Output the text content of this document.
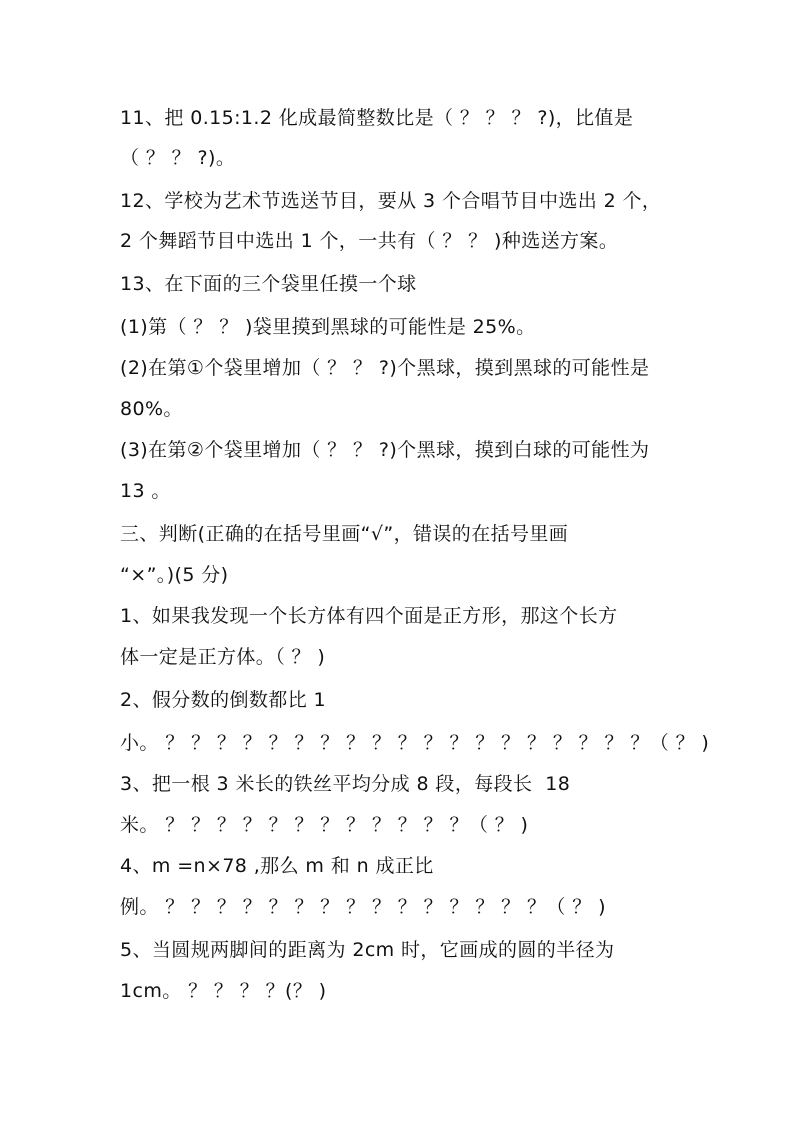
11、把 0.15:1.2 化成最简整数比是（ ？ ？ ？ ?)，比值是
（ ？ ？ ?)。
12、学校为艺术节选送节目，要从 3 个合唱节目中选出 2 个，
2 个舞蹈节目中选出 1 个，一共有（ ？ ？ )种选送方案。
13、在下面的三个袋里任摸一个球
(1)第（ ？ ？ )袋里摸到黑球的可能性是 25%。
(2)在第①个袋里增加（ ？ ？ ?)个黑球，摸到黑球的可能性是
80%。
(3)在第②个袋里增加（ ？ ？ ?)个黑球，摸到白球的可能性为
13 。
三、判断(正确的在括号里画“√”，错误的在括号里画
“×”。)(5 分)
1、如果我发现一个长方体有四个面是正方形，那这个长方
体一定是正方体。（ ？ )
2、假分数的倒数都比 1
小。 ？ ？ ？ ？ ？ ？ ？ ？ ？ ？ ？ ？ ？ ？ ？ ？ ？ ？ ？（ ？ )
3、把一根 3 米长的铁丝平均分成 8 段，每段长  18
米。 ？ ？ ？ ？ ？ ？ ？ ？ ？ ？ ？ ？（ ？ )
4、m =n×78 ,那么 m 和 n 成正比
例。 ？ ？ ？ ？ ？ ？ ？ ？ ？ ？ ？ ？ ？ ？ ？（ ？ )
5、当圆规两脚间的距离为 2cm 时，它画成的圆的半径为
1cm。 ？ ？ ？ ？(？ )
